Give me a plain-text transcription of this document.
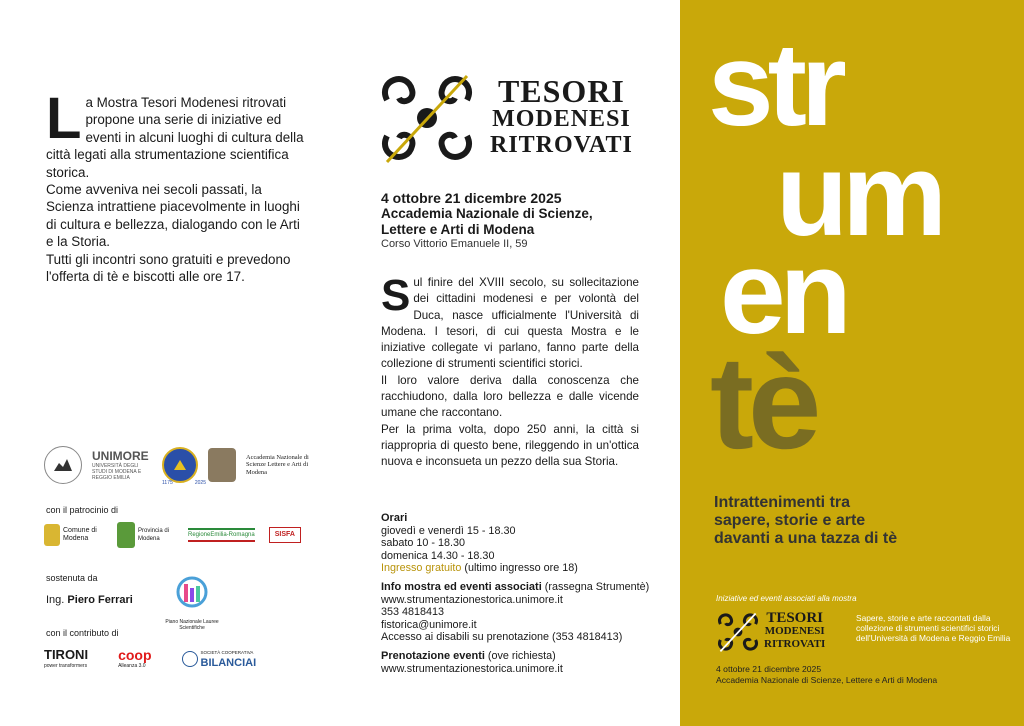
L a Mostra Tesori Modenesi ritrovati propone una serie di iniziative ed eventi in alcuni luoghi di cultura della città legati alla strumentazione scientifica storica.

Come avveniva nei secoli passati, la Scienza intrattiene piacevolmente in luoghi di cultura e bellezza, dialogando con le Arti e la Storia.

Tutti gli incontri sono gratuiti e prevedono l'offerta di tè e biscotti alle ore 17.

UNIMORE
UNIVERSITÀ DEGLI STUDI DI MODENA E REGGIO EMILIA
1175	2025
Accademia Nazionale di Scienze Lettere e Arti di Modena
con il patrocinio di
Comune di Modena
Provincia di Modena
RegioneEmilia-Romagna	SISFA
sostenuta da
Ing. Piero Ferrari
Piano Nazionale Lauree Scientifiche
con il contributo di
TIRONI
power transformers
coop
Alleanza 3.0
SOCIETÀ COOPERATIVA
BILANCIAI
TESORI
MODENESI
RITROVATI
4 ottobre 21 dicembre 2025
Accademia Nazionale di Scienze,
Lettere e Arti di Modena
Corso Vittorio Emanuele II, 59
S ul finire del XVIII secolo, su sollecitazione dei cittadini modenesi e per volontà del Duca, nasce ufficialmente l'Università di Modena. I tesori, di cui questa Mostra e le iniziative collegate vi parlano, fanno parte della collezione di strumenti scientifici storici.

Il loro valore deriva dalla conoscenza che racchiudono, dalla loro bellezza e dalle vicende umane che raccontano.

Per la prima volta, dopo 250 anni, la città si riappropria di questo bene, rileggendo in un'ottica nuova e inconsueta un pezzo della sua Storia.

Orari
giovedì e venerdì 15 - 18.30
sabato 10 - 18.30
domenica 14.30 - 18.30
Ingresso gratuito (ultimo ingresso ore 18)
Info mostra ed eventi associati (rassegna Strumentè)
www.strumentazionestorica.unimore.it
353 4818413
fistorica@unimore.it
Accesso ai disabili su prenotazione (353 4818413)
Prenotazione eventi (ove richiesta)
www.strumentazionestorica.unimore.it
str
um
en
tè
Intrattenimenti tra
sapere, storie e arte
davanti a una tazza di tè
Iniziative ed eventi associati alla mostra
TESORI
MODENESI
RITROVATI
Sapere, storie e arte raccontati dalla collezione di strumenti scientifici storici dell'Università di Modena e Reggio Emilia
4 ottobre 21 dicembre 2025
Accademia Nazionale di Scienze, Lettere e Arti di Modena
